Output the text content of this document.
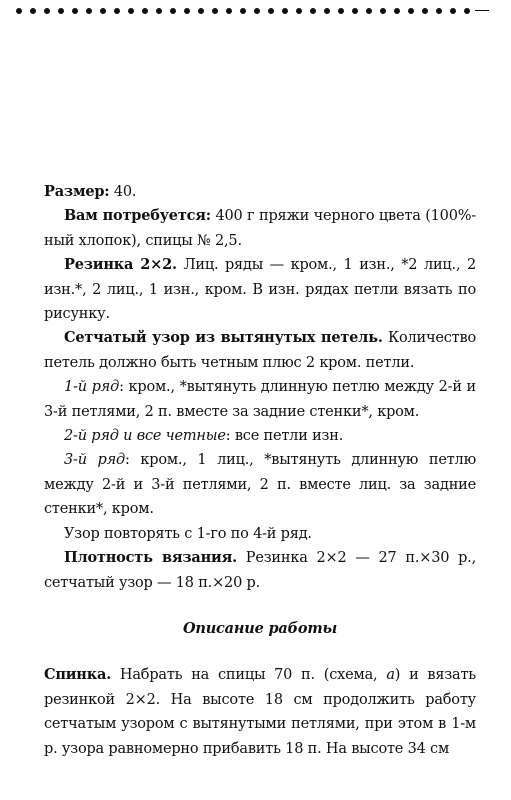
Размер: 40.

Вам потребуется: 400 г пряжи черного цвета (100%-ный хлопок), спицы № 2,5.

Резинка 2×2. Лиц. ряды — кром., 1 изн., *2 лиц., 2 изн.*, 2 лиц., 1 изн., кром. В изн. рядах петли вязать по рисунку.

Сетчатый узор из вытянутых петель. Количество петель должно быть четным плюс 2 кром. петли.

1-й ряд: кром., *вытянуть длинную петлю между 2-й и 3-й петлями, 2 п. вместе за задние стенки*, кром.

2-й ряд и все четные: все петли изн.

3-й ряд: кром., 1 лиц., *вытянуть длинную петлю между 2-й и 3-й петлями, 2 п. вместе лиц. за задние стенки*, кром.

Узор повторять с 1-го по 4-й ряд.

Плотность вязания. Резинка 2×2 — 27 п.×30 р., сетчатый узор — 18 п.×20 р.

Описание работы

Спинка. Набрать на спицы 70 п. (схема, а) и вязать резинкой 2×2. На высоте 18 см продолжить работу сетчатым узором с вытянутыми петлями, при этом в 1-м р. узора равномерно прибавить 18 п. На высоте 34 см
